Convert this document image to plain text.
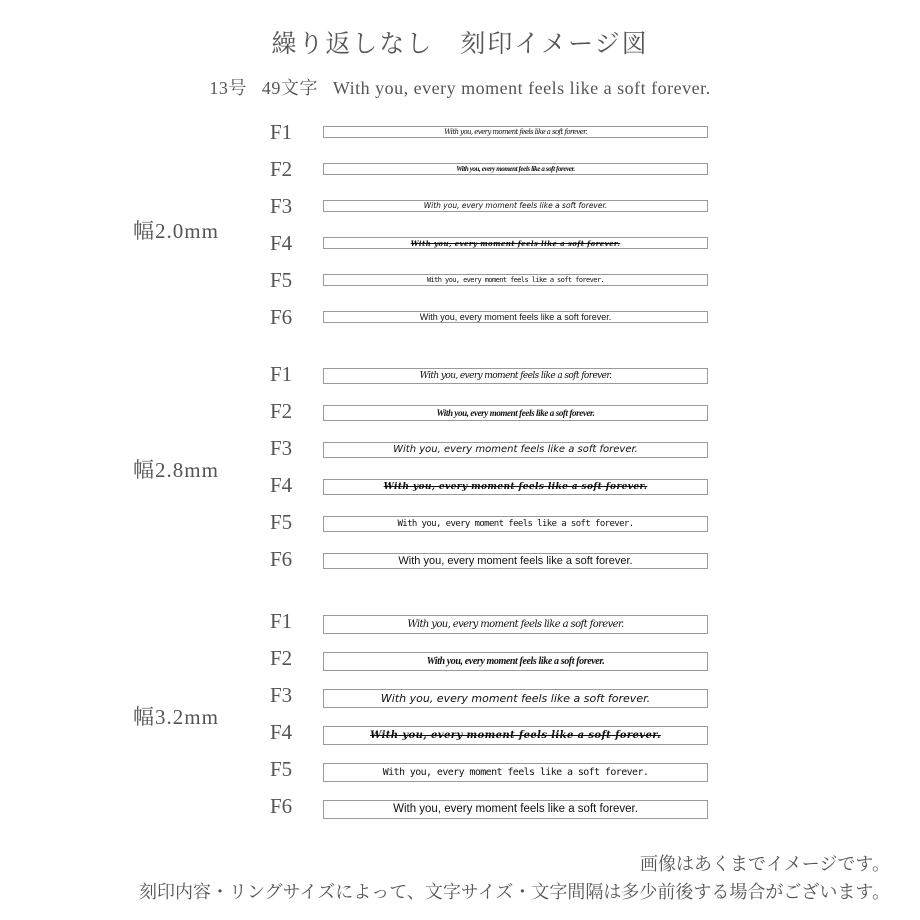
繰り返しなし　刻印イメージ図
13号 49文字 With you, every moment feels like a soft forever.
幅2.0mm
F1	With you, every moment feels like a soft forever.
F2	With you, every moment feels like a soft forever.
F3	With you, every moment feels like a soft forever.
F4	With you, every moment feels like a soft forever.
F5	With you, every moment feels like a soft forever.
F6	With you, every moment feels like a soft forever.
幅2.8mm
F1	With you, every moment feels like a soft forever.
F2	With you, every moment feels like a soft forever.
F3	With you, every moment feels like a soft forever.
F4	With you, every moment feels like a soft forever.
F5	With you, every moment feels like a soft forever.
F6	With you, every moment feels like a soft forever.
幅3.2mm
F1	With you, every moment feels like a soft forever.
F2	With you, every moment feels like a soft forever.
F3	With you, every moment feels like a soft forever.
F4	With you, every moment feels like a soft forever.
F5	With you, every moment feels like a soft forever.
F6	With you, every moment feels like a soft forever.
画像はあくまでイメージです。
刻印内容・リングサイズによって、文字サイズ・文字間隔は多少前後する場合がございます。
